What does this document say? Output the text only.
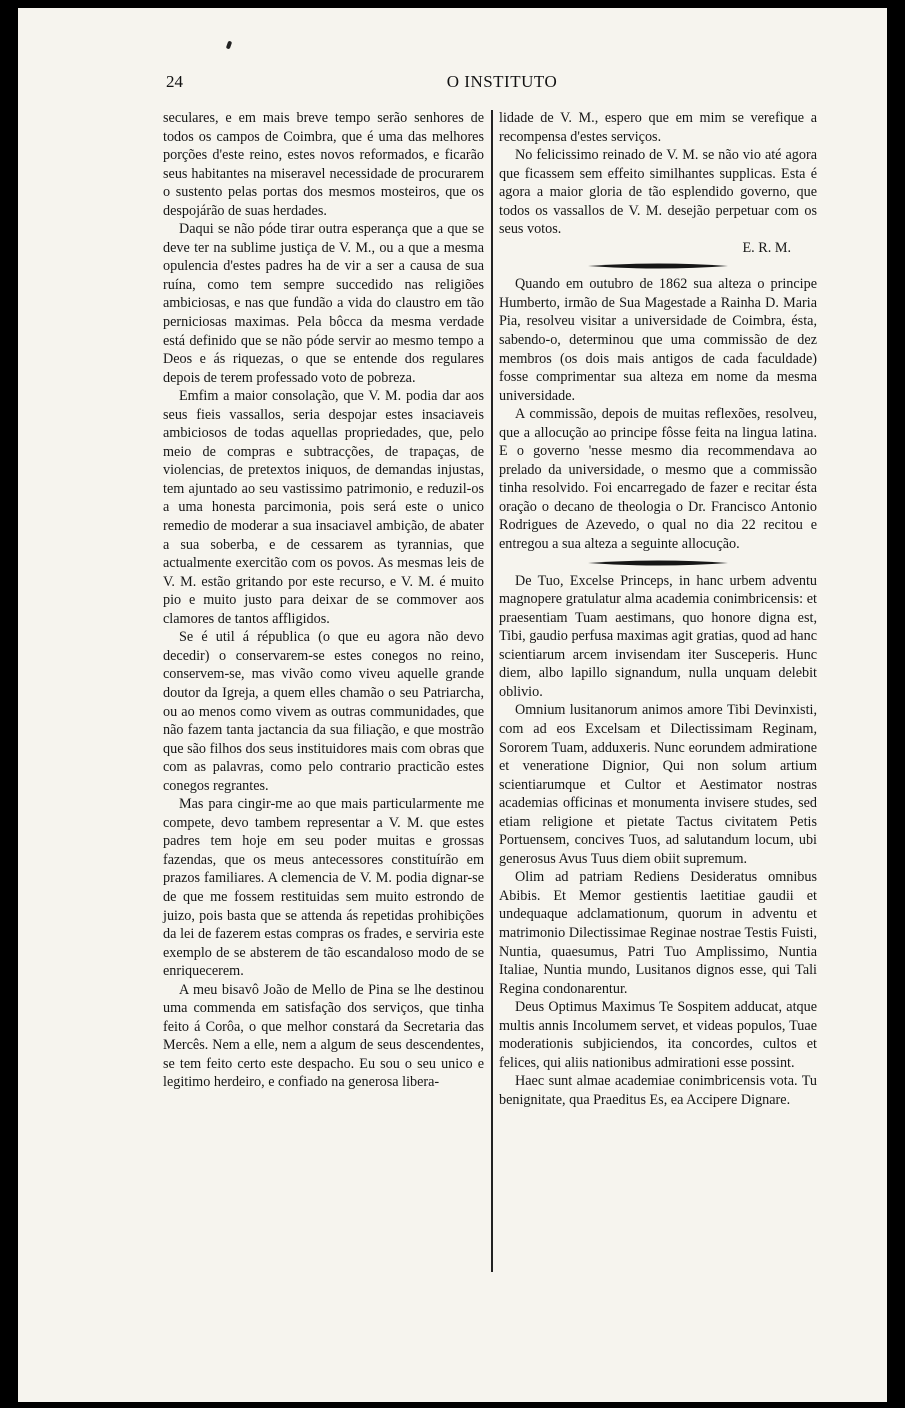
24	O INSTITUTO

seculares, e em mais breve tempo serão senhores de todos os campos de Coimbra, que é uma das melhores porções d'este reino, estes novos reformados, e ficarão seus habitantes na miseravel necessidade de procurarem o sustento pelas portas dos mesmos mosteiros, que os despojárão de suas herdades.

Daqui se não póde tirar outra esperança que a que se deve ter na sublime justiça de V. M., ou a que a mesma opulencia d'estes padres ha de vir a ser a causa de sua ruína, como tem sempre succedido nas religiões ambiciosas, e nas que fundão a vida do claustro em tão perniciosas maximas. Pela bôcca da mesma verdade está definido que se não póde servir ao mesmo tempo a Deos e ás riquezas, o que se entende dos regulares depois de terem professado voto de pobreza.

Emfim a maior consolação, que V. M. podia dar aos seus fieis vassallos, seria despojar estes insaciaveis ambiciosos de todas aquellas propriedades, que, pelo meio de compras e subtracções, de trapaças, de violencias, de pretextos iniquos, de demandas injustas, tem ajuntado ao seu vastissimo patrimonio, e reduzil-os a uma honesta parcimonia, pois será este o unico remedio de moderar a sua insaciavel ambição, de abater a sua soberba, e de cessarem as tyrannias, que actualmente exercitão com os povos. As mesmas leis de V. M. estão gritando por este recurso, e V. M. é muito pio e muito justo para deixar de se commover aos clamores de tantos affligidos.

Se é util á républica (o que eu agora não devo decedir) o conservarem-se estes conegos no reino, conservem-se, mas vivão como viveu aquelle grande doutor da Igreja, a quem elles chamão o seu Patriarcha, ou ao menos como vivem as outras communidades, que não fazem tanta jactancia da sua filiação, e que mostrão que são filhos dos seus instituidores mais com obras que com as palavras, como pelo contrario practicão estes conegos regrantes.

Mas para cingir-me ao que mais particularmente me compete, devo tambem representar a V. M. que estes padres tem hoje em seu poder muitas e grossas fazendas, que os meus antecessores constituírão em prazos familiares. A clemencia de V. M. podia dignar-se de que me fossem restituidas sem muito estrondo de juizo, pois basta que se attenda ás repetidas prohibições da lei de fazerem estas compras os frades, e serviria este exemplo de se absterem de tão escandaloso modo de se enriquecerem.

A meu bisavô João de Mello de Pina se lhe destinou uma commenda em satisfação dos serviços, que tinha feito á Corôa, o que melhor constará da Secretaria das Mercês. Nem a elle, nem a algum de seus descendentes, se tem feito certo este despacho. Eu sou o seu unico e legitimo herdeiro, e confiado na generosa libera-

lidade de V. M., espero que em mim se verefique a recompensa d'estes serviços.

No felicissimo reinado de V. M. se não vio até agora que ficassem sem effeito similhantes supplicas. Esta é agora a maior gloria de tão esplendido governo, que todos os vassallos de V. M. desejão perpetuar com os seus votos.

E. R. M.

Quando em outubro de 1862 sua alteza o principe Humberto, irmão de Sua Magestade a Rainha D. Maria Pia, resolveu visitar a universidade de Coimbra, ésta, sabendo-o, determinou que uma commissão de dez membros (os dois mais antigos de cada faculdade) fosse comprimentar sua alteza em nome da mesma universidade.

A commissão, depois de muitas reflexões, resolveu, que a allocução ao principe fôsse feita na lingua latina. E o governo 'nesse mesmo dia recommendava ao prelado da universidade, o mesmo que a commissão tinha resolvido. Foi encarregado de fazer e recitar ésta oração o decano de theologia o Dr. Francisco Antonio Rodrigues de Azevedo, o qual no dia 22 recitou e entregou a sua alteza a seguinte allocução.

De Tuo, Excelse Princeps, in hanc urbem adventu magnopere gratulatur alma academia conimbricensis: et praesentiam Tuam aestimans, quo honore digna est, Tibi, gaudio perfusa maximas agit gratias, quod ad hanc scientiarum arcem invisendam iter Susceperis. Hunc diem, albo lapillo signandum, nulla unquam delebit oblivio.

Omnium lusitanorum animos amore Tibi Devinxisti, com ad eos Excelsam et Dilectissimam Reginam, Sororem Tuam, adduxeris. Nunc eorundem admiratione et veneratione Dignior, Qui non solum artium scientiarumque et Cultor et Aestimator nostras academias officinas et monumenta invisere studes, sed etiam religione et pietate Tactus civitatem Petis Portuensem, concives Tuos, ad salutandum locum, ubi generosus Avus Tuus diem obiit supremum.

Olim ad patriam Rediens Desideratus omnibus Abibis. Et Memor gestientis laetitiae gaudii et undequaque adclamationum, quorum in adventu et matrimonio Dilectissimae Reginae nostrae Testis Fuisti, Nuntia, quaesumus, Patri Tuo Amplissimo, Nuntia Italiae, Nuntia mundo, Lusitanos dignos esse, qui Tali Regina condonarentur.

Deus Optimus Maximus Te Sospitem adducat, atque multis annis Incolumem servet, et videas populos, Tuae moderationis subjiciendos, ita concordes, cultos et felices, qui aliis nationibus admirationi esse possint.

Haec sunt almae academiae conimbricensis vota. Tu benignitate, qua Praeditus Es, ea Accipere Dignare.
